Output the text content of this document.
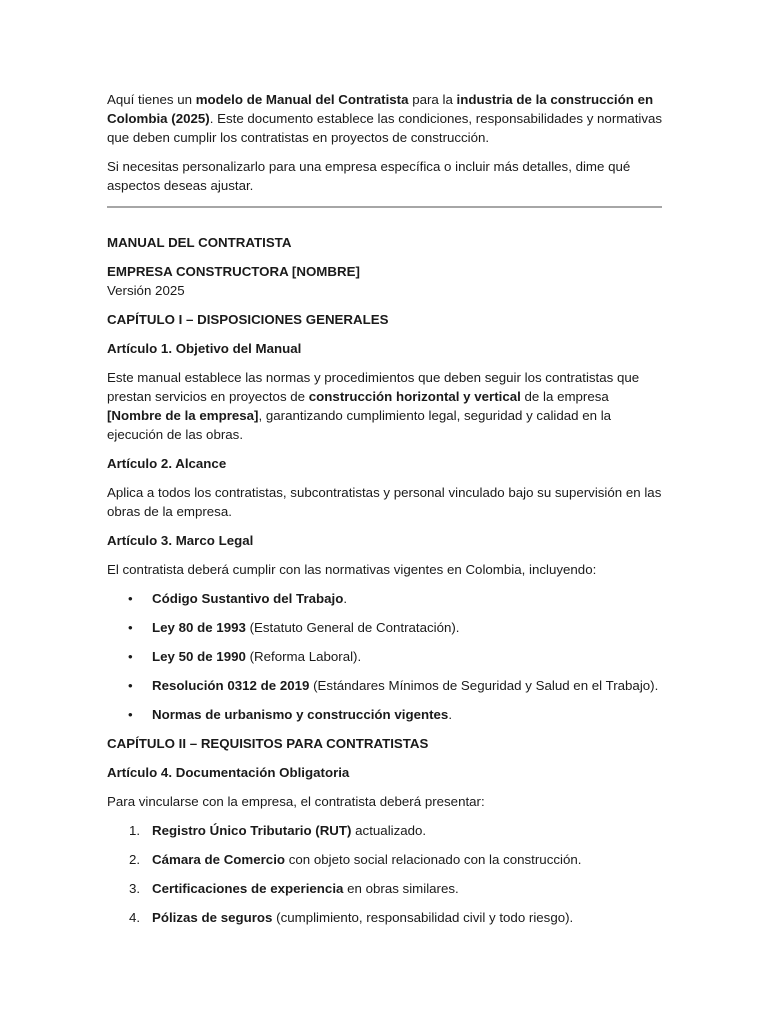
Aquí tienes un modelo de Manual del Contratista para la industria de la construcción en Colombia (2025). Este documento establece las condiciones, responsabilidades y normativas que deben cumplir los contratistas en proyectos de construcción.

Si necesitas personalizarlo para una empresa específica o incluir más detalles, dime qué aspectos deseas ajustar.

MANUAL DEL CONTRATISTA

EMPRESA CONSTRUCTORA [NOMBRE]

Versión 2025

CAPÍTULO I – DISPOSICIONES GENERALES

Artículo 1. Objetivo del Manual

Este manual establece las normas y procedimientos que deben seguir los contratistas que prestan servicios en proyectos de construcción horizontal y vertical de la empresa [Nombre de la empresa], garantizando cumplimiento legal, seguridad y calidad en la ejecución de las obras.

Artículo 2. Alcance

Aplica a todos los contratistas, subcontratistas y personal vinculado bajo su supervisión en las obras de la empresa.

Artículo 3. Marco Legal

El contratista deberá cumplir con las normativas vigentes en Colombia, incluyendo:

• Código Sustantivo del Trabajo.
• Ley 80 de 1993 (Estatuto General de Contratación).
• Ley 50 de 1990 (Reforma Laboral).
• Resolución 0312 de 2019 (Estándares Mínimos de Seguridad y Salud en el Trabajo).
• Normas de urbanismo y construcción vigentes.

CAPÍTULO II – REQUISITOS PARA CONTRATISTAS

Artículo 4. Documentación Obligatoria

Para vincularse con la empresa, el contratista deberá presentar:

1. Registro Único Tributario (RUT) actualizado.
2. Cámara de Comercio con objeto social relacionado con la construcción.
3. Certificaciones de experiencia en obras similares.
4. Pólizas de seguros (cumplimiento, responsabilidad civil y todo riesgo).
